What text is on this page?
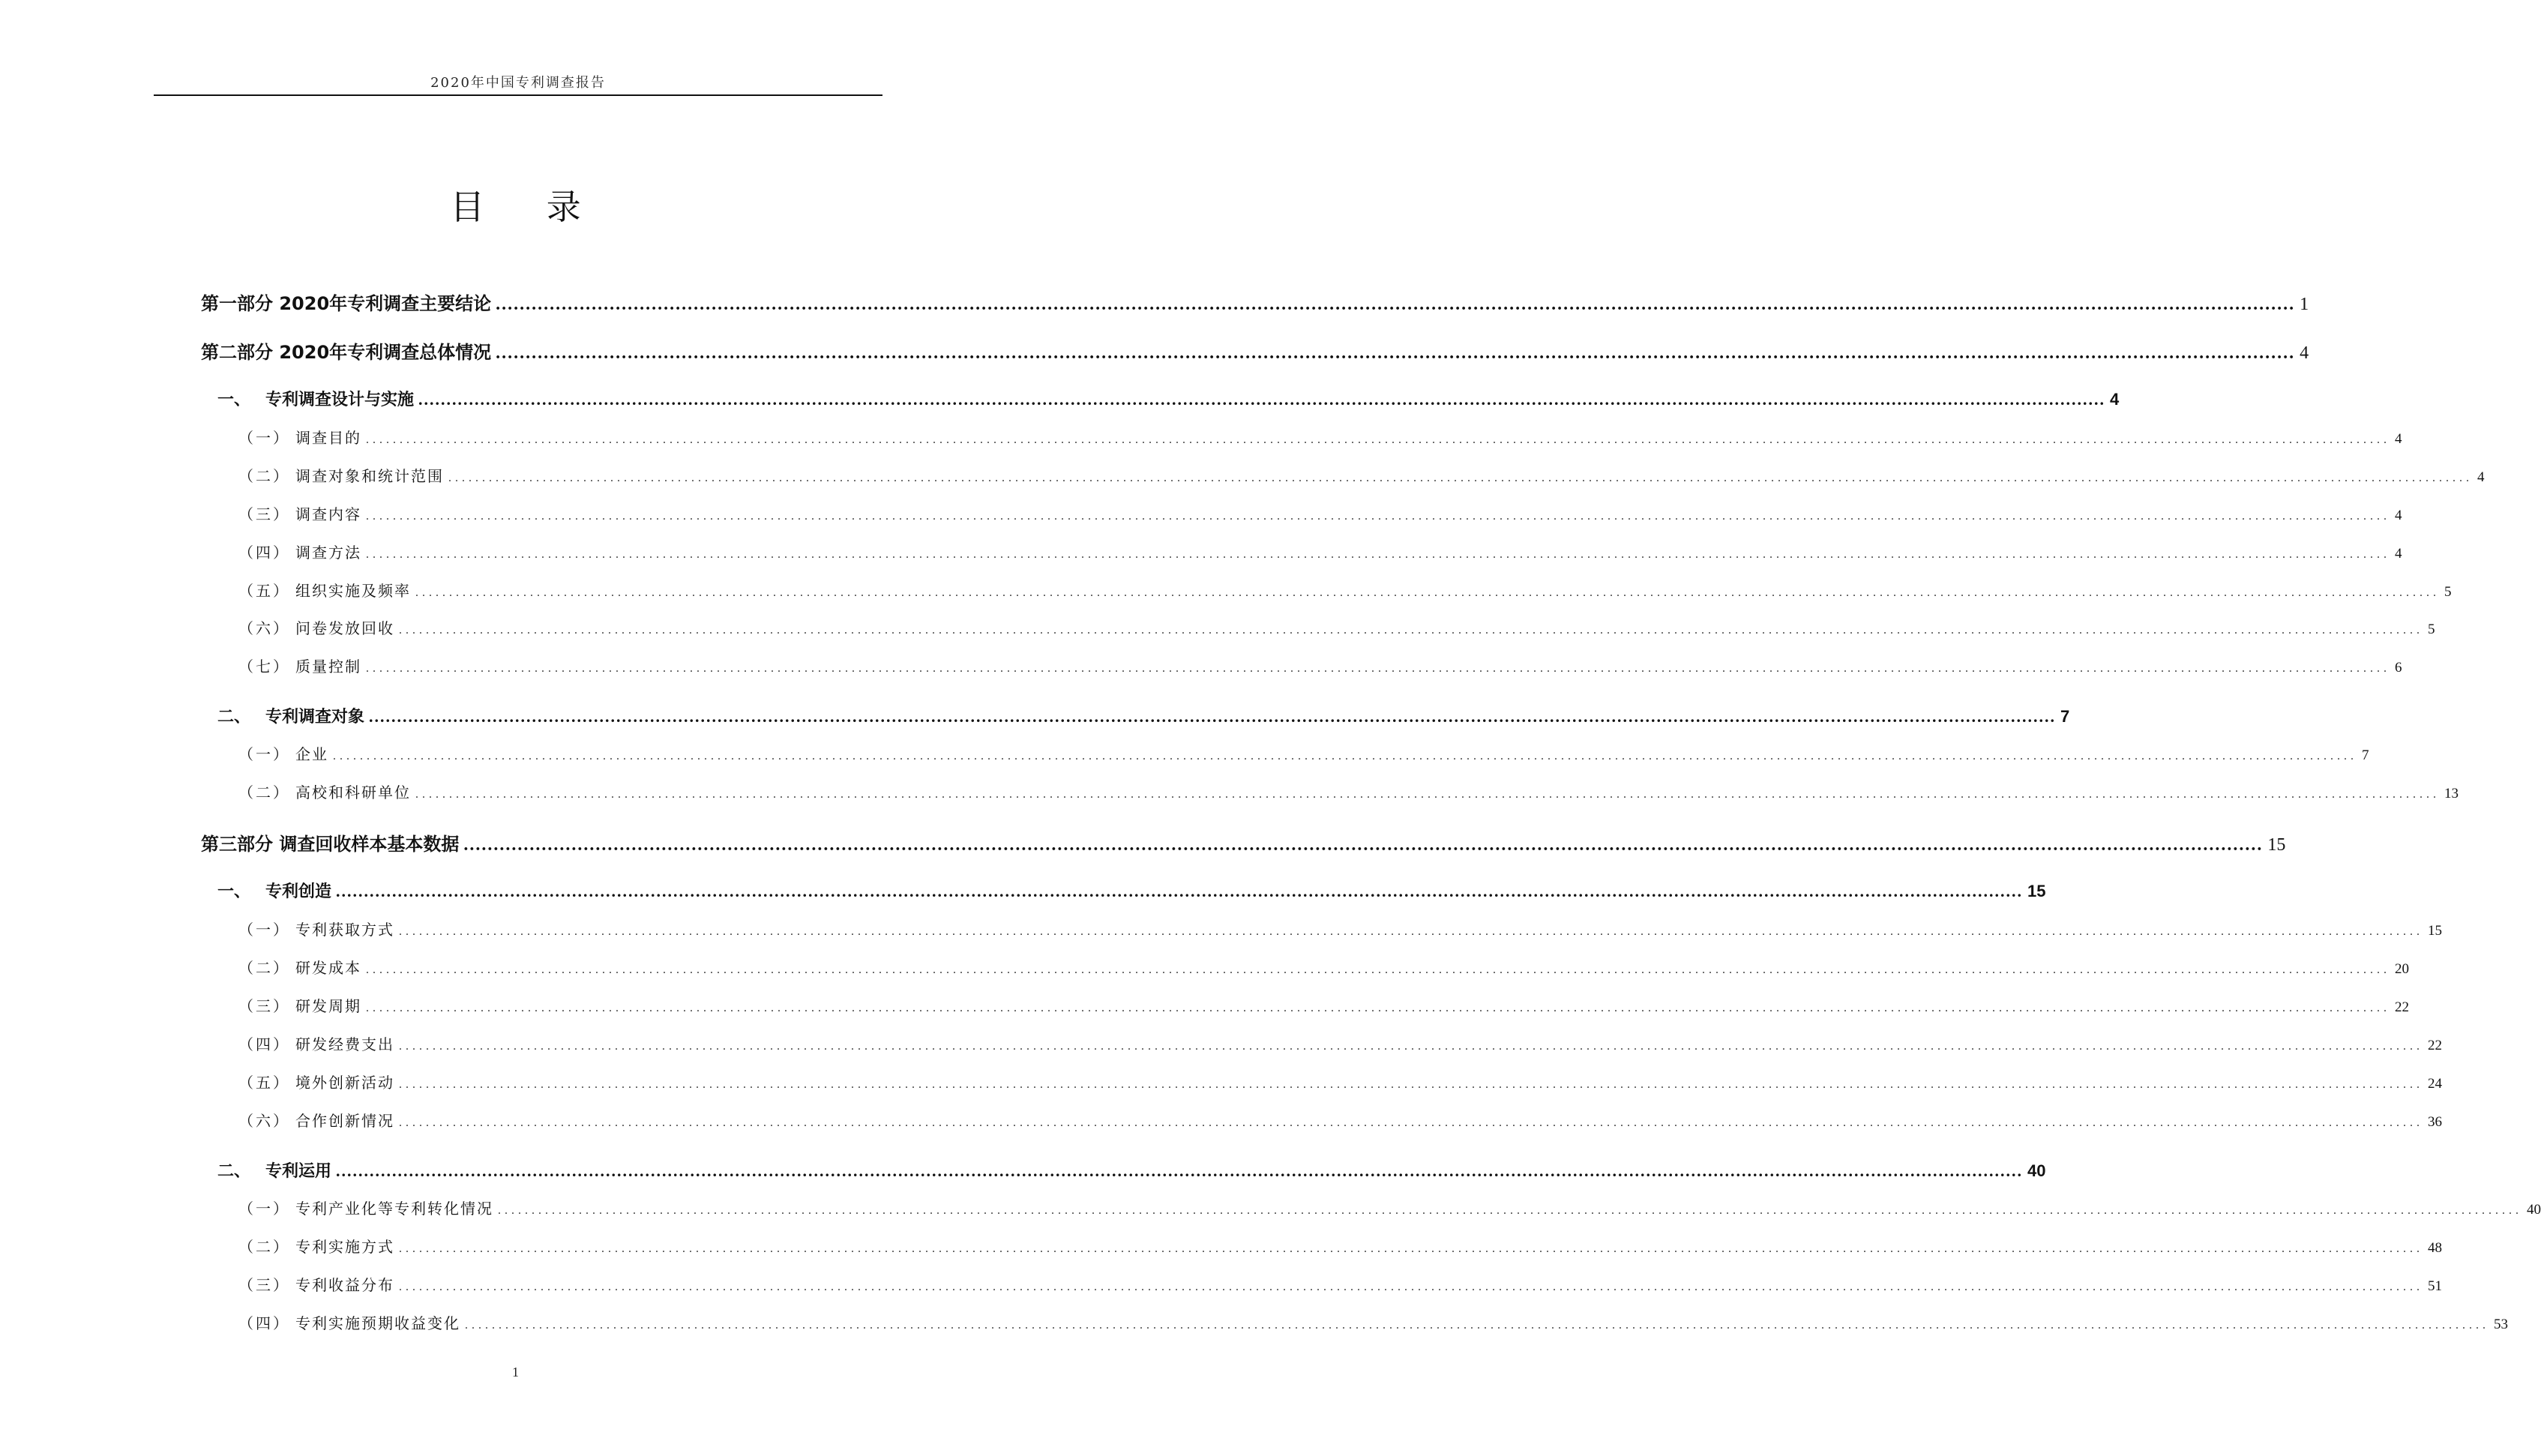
2020年中国专利调查报告
目 录
第一部分 2020年专利调查主要结论 ............................................................................................................................................................................................................................................................................................................ 1
第二部分 2020年专利调查总体情况 ............................................................................................................................................................................................................................................................................................................ 4
一、 专利调查设计与实施 ............................................................................................................................................................................................................................................................................................................ 4
（一） 调查目的 ............................................................................................................................................................................................................................................................................................................ 4
（二） 调查对象和统计范围 ............................................................................................................................................................................................................................................................................................................ 4
（三） 调查内容 ............................................................................................................................................................................................................................................................................................................ 4
（四） 调查方法 ............................................................................................................................................................................................................................................................................................................ 4
（五） 组织实施及频率 ............................................................................................................................................................................................................................................................................................................ 5
（六） 问卷发放回收 ............................................................................................................................................................................................................................................................................................................ 5
（七） 质量控制 ............................................................................................................................................................................................................................................................................................................ 6
二、 专利调查对象 ............................................................................................................................................................................................................................................................................................................ 7
（一） 企业 ............................................................................................................................................................................................................................................................................................................ 7
（二） 高校和科研单位 ............................................................................................................................................................................................................................................................................................................ 13
第三部分 调查回收样本基本数据 ............................................................................................................................................................................................................................................................................................................ 15
一、 专利创造 ............................................................................................................................................................................................................................................................................................................ 15
（一） 专利获取方式 ............................................................................................................................................................................................................................................................................................................ 15
（二） 研发成本 ............................................................................................................................................................................................................................................................................................................ 20
（三） 研发周期 ............................................................................................................................................................................................................................................................................................................ 22
（四） 研发经费支出 ............................................................................................................................................................................................................................................................................................................ 22
（五） 境外创新活动 ............................................................................................................................................................................................................................................................................................................ 24
（六） 合作创新情况 ............................................................................................................................................................................................................................................................................................................ 36
二、 专利运用 ............................................................................................................................................................................................................................................................................................................ 40
（一） 专利产业化等专利转化情况 ............................................................................................................................................................................................................................................................................................................ 40
（二） 专利实施方式 ............................................................................................................................................................................................................................................................................................................ 48
（三） 专利收益分布 ............................................................................................................................................................................................................................................................................................................ 51
（四） 专利实施预期收益变化 ............................................................................................................................................................................................................................................................................................................ 53
1
